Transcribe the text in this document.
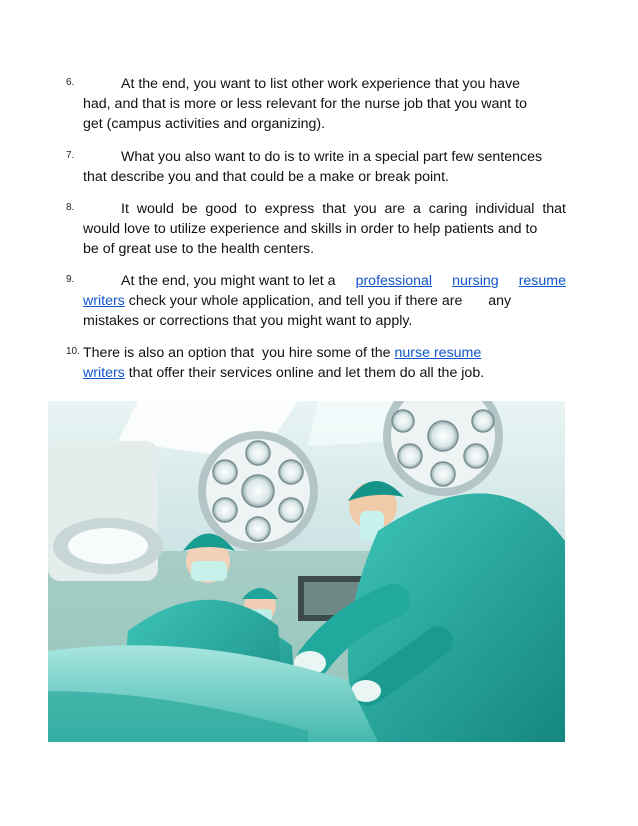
6.	At the end, you want to list other work experience that you have
had, and that is more or less relevant for the nurse job that you want to
get (campus activities and organizing).
7.	What you also want to do is to write in a special part few sentences
that describe you and that could be a make or break point.
8.	It would be good to express that you are a caring individual that
would love to utilize experience and skills in order to help patients and to
be of great use to the health centers.
9.	At the end, you might want to let a professional nursing resume
writers check your whole application, and tell you if there are any
mistakes or corrections that you might want to apply.
10. There is also an option that  you hire some of the nurse resume
writers that offer their services online and let them do all the job.
